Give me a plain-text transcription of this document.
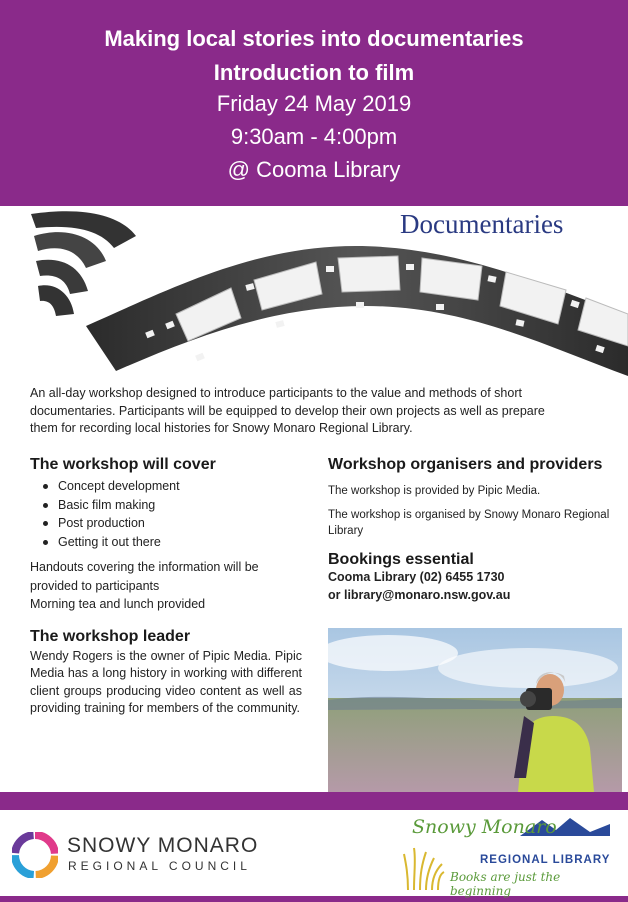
Making local stories into documentaries
Introduction to film
Friday 24 May 2019
9:30am - 4:00pm
@ Cooma Library
Documentaries
An all-day workshop designed to introduce participants to the value and methods of short
documentaries. Participants will be equipped to develop their own projects as well as prepare
them for recording local histories for Snowy Monaro Regional Library.
The workshop will cover
Concept development
Basic film making
Post production
Getting it out there
Handouts covering the information will be
provided to participants
Morning tea and lunch provided
The workshop leader

Wendy Rogers is the owner of Pipic Media. Pipic Media has a long history in working with different client groups producing video content as well as providing training for members of the community.

Workshop organisers and providers

The workshop is provided by Pipic Media.

The workshop is organised by Snowy Monaro Regional Library

Bookings essential
Cooma Library (02) 6455 1730
or library@monaro.nsw.gov.au
SNOWY MONARO
REGIONAL COUNCIL
Snowy Monaro
REGIONAL LIBRARY
Books are just the beginning
